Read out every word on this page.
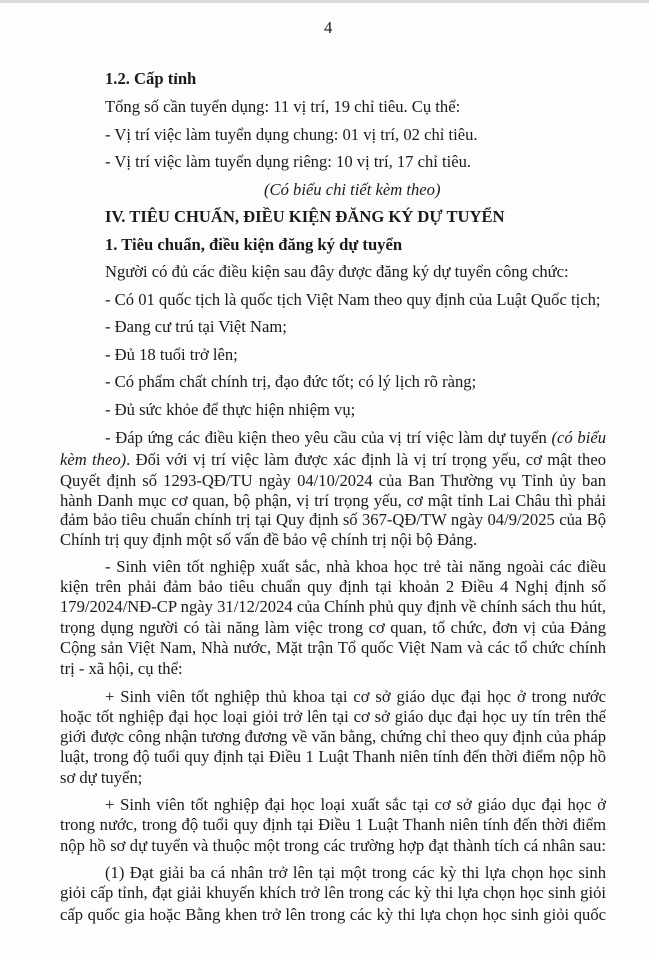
4
1.2. Cấp tỉnh
Tổng số cần tuyển dụng: 11 vị trí, 19 chỉ tiêu. Cụ thể:
- Vị trí việc làm tuyển dụng chung: 01 vị trí, 02 chỉ tiêu.
- Vị trí việc làm tuyển dụng riêng: 10 vị trí, 17 chỉ tiêu.
(Có biểu chi tiết kèm theo)
IV. TIÊU CHUẨN, ĐIỀU KIỆN ĐĂNG KÝ DỰ TUYỂN
1. Tiêu chuẩn, điều kiện đăng ký dự tuyển
Người có đủ các điều kiện sau đây được đăng ký dự tuyển công chức:
- Có 01 quốc tịch là quốc tịch Việt Nam theo quy định của Luật Quốc tịch;
- Đang cư trú tại Việt Nam;
- Đủ 18 tuổi trở lên;
- Có phẩm chất chính trị, đạo đức tốt; có lý lịch rõ ràng;
- Đủ sức khỏe để thực hiện nhiệm vụ;
- Đáp ứng các điều kiện theo yêu cầu của vị trí việc làm dự tuyển (có biểu
kèm theo). Đối với vị trí việc làm được xác định là vị trí trọng yếu, cơ mật theo
Quyết định số 1293-QĐ/TU ngày 04/10/2024 của Ban Thường vụ Tỉnh ủy ban
hành Danh mục cơ quan, bộ phận, vị trí trọng yếu, cơ mật tỉnh Lai Châu thì phải
đảm bảo tiêu chuẩn chính trị tại Quy định số 367-QĐ/TW ngày 04/9/2025 của Bộ
Chính trị quy định một số vấn đề bảo vệ chính trị nội bộ Đảng.
- Sinh viên tốt nghiệp xuất sắc, nhà khoa học trẻ tài năng ngoài các điều
kiện trên phải đảm bảo tiêu chuẩn quy định tại khoản 2 Điều 4 Nghị định số
179/2024/NĐ-CP ngày 31/12/2024 của Chính phủ quy định về chính sách thu hút,
trọng dụng người có tài năng làm việc trong cơ quan, tổ chức, đơn vị của Đảng
Cộng sản Việt Nam, Nhà nước, Mặt trận Tổ quốc Việt Nam và các tổ chức chính
trị - xã hội, cụ thể:
+ Sinh viên tốt nghiệp thủ khoa tại cơ sở giáo dục đại học ở trong nước
hoặc tốt nghiệp đại học loại giỏi trở lên tại cơ sở giáo dục đại học uy tín trên thế
giới được công nhận tương đương về văn bằng, chứng chỉ theo quy định của pháp
luật, trong độ tuổi quy định tại Điều 1 Luật Thanh niên tính đến thời điểm nộp hồ
sơ dự tuyển;
+ Sinh viên tốt nghiệp đại học loại xuất sắc tại cơ sở giáo dục đại học ở
trong nước, trong độ tuổi quy định tại Điều 1 Luật Thanh niên tính đến thời điểm
nộp hồ sơ dự tuyển và thuộc một trong các trường hợp đạt thành tích cá nhân sau:
(1) Đạt giải ba cá nhân trở lên tại một trong các kỳ thi lựa chọn học sinh
giỏi cấp tỉnh, đạt giải khuyến khích trở lên trong các kỳ thi lựa chọn học sinh giỏi
cấp quốc gia hoặc Bằng khen trở lên trong các kỳ thi lựa chọn học sinh giỏi quốc
